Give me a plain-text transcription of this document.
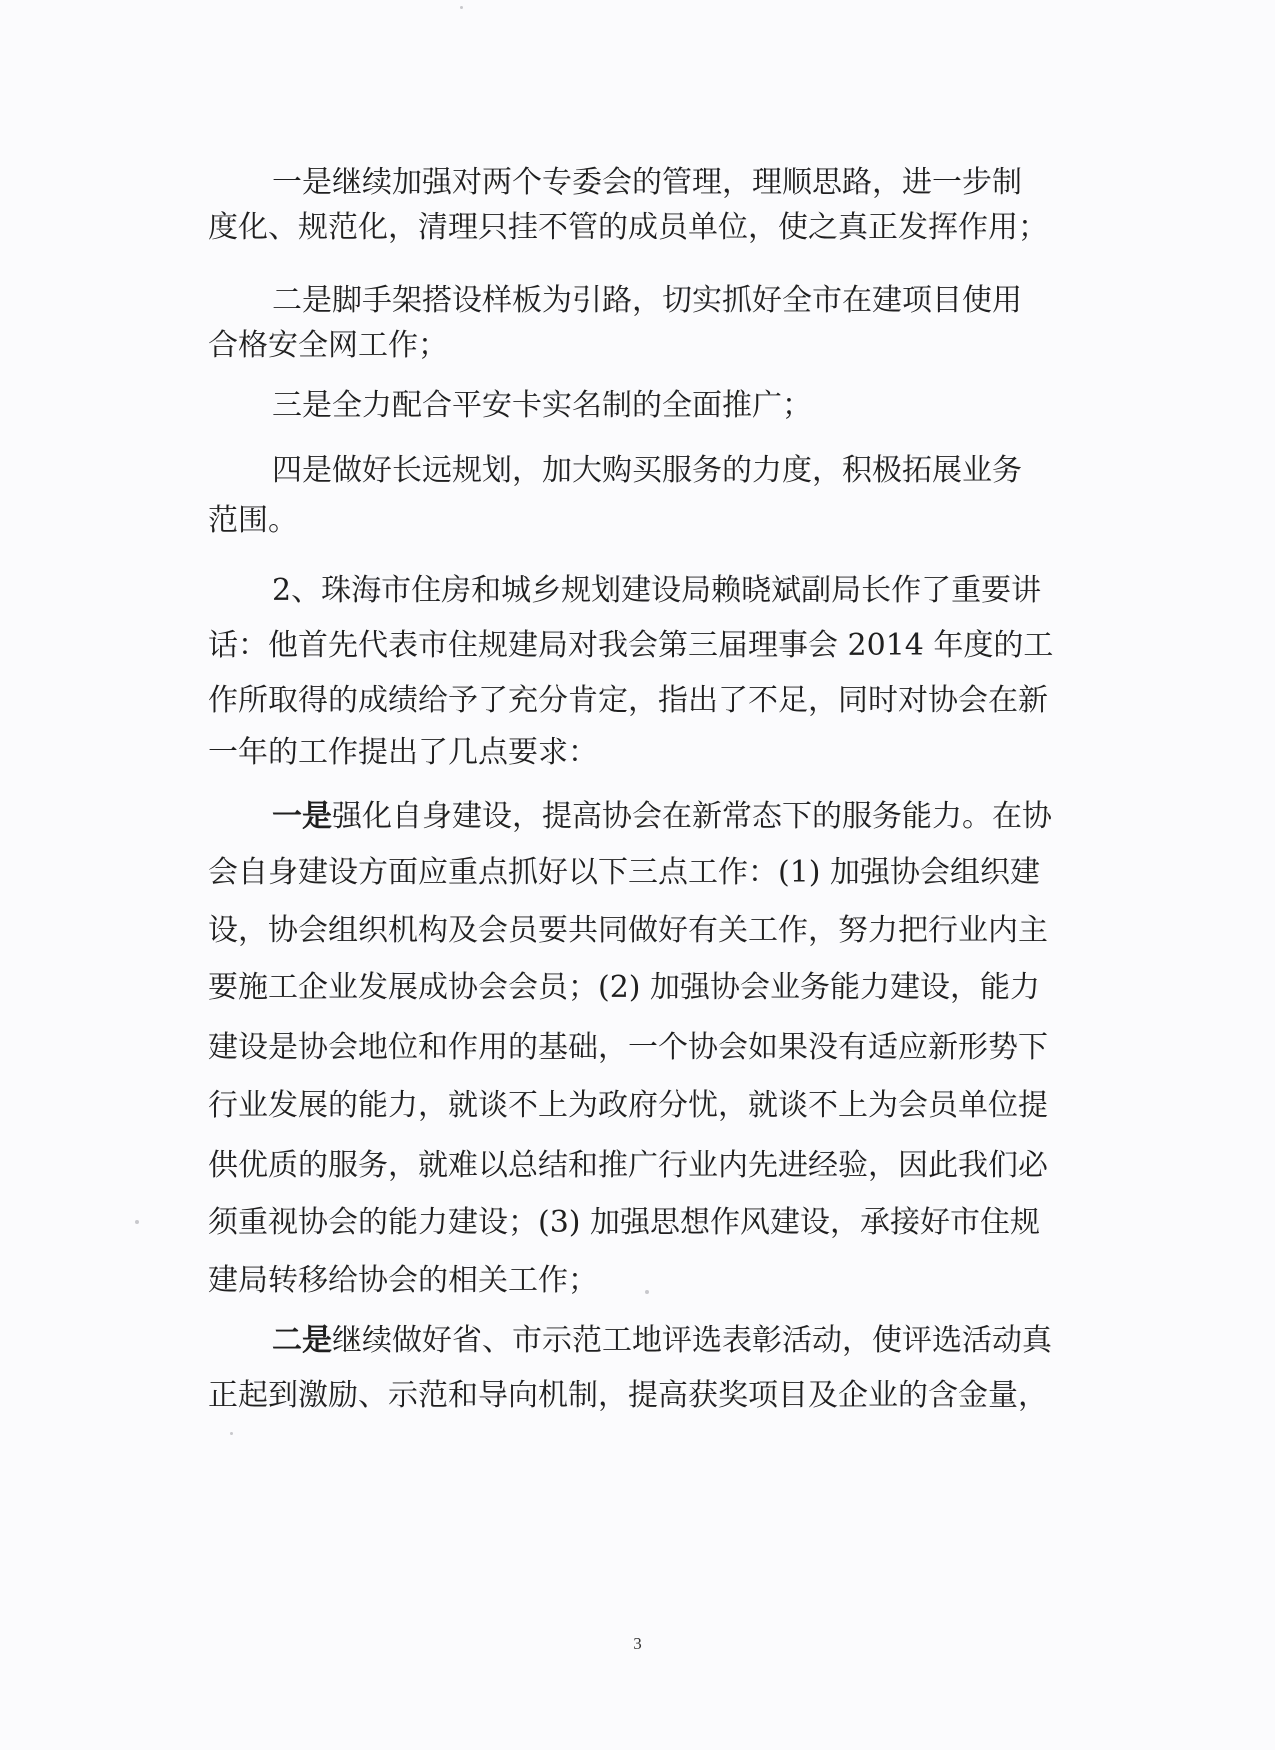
一是继续加强对两个专委会的管理，理顺思路，进一步制
度化、规范化，清理只挂不管的成员单位，使之真正发挥作用；
二是脚手架搭设样板为引路，切实抓好全市在建项目使用
合格安全网工作；
三是全力配合平安卡实名制的全面推广；
四是做好长远规划，加大购买服务的力度，积极拓展业务
范围。
2、珠海市住房和城乡规划建设局赖晓斌副局长作了重要讲
话：他首先代表市住规建局对我会第三届理事会 2014 年度的工
作所取得的成绩给予了充分肯定，指出了不足，同时对协会在新
一年的工作提出了几点要求：
一是强化自身建设，提高协会在新常态下的服务能力。在协
会自身建设方面应重点抓好以下三点工作：(1) 加强协会组织建
设，协会组织机构及会员要共同做好有关工作，努力把行业内主
要施工企业发展成协会会员；(2) 加强协会业务能力建设，能力
建设是协会地位和作用的基础，一个协会如果没有适应新形势下
行业发展的能力，就谈不上为政府分忧，就谈不上为会员单位提
供优质的服务，就难以总结和推广行业内先进经验，因此我们必
须重视协会的能力建设；(3) 加强思想作风建设，承接好市住规
建局转移给协会的相关工作；
二是继续做好省、市示范工地评选表彰活动，使评选活动真
正起到激励、示范和导向机制，提高获奖项目及企业的含金量，
3
